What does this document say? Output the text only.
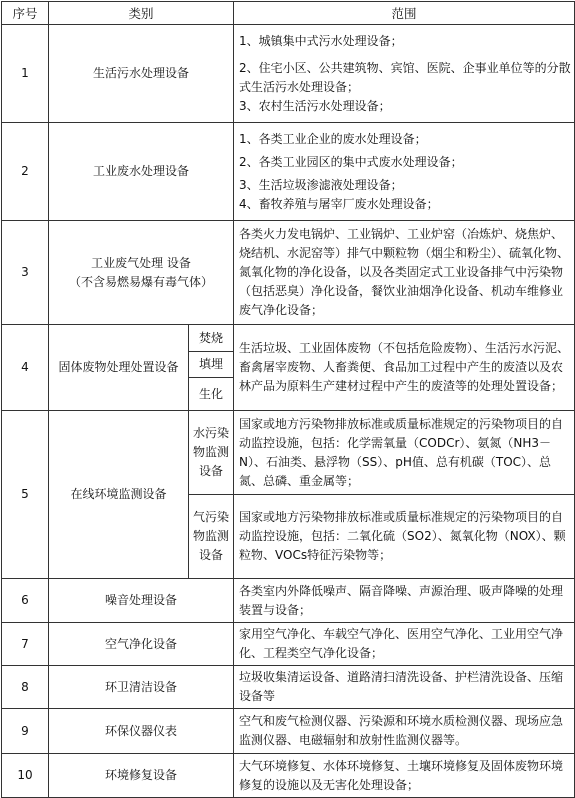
序号	类别		范围
1	生活污水处理设备		1、城镇集中式污水处理设备；
2、住宅小区、公共建筑物、宾馆、医院、企事业单位等的分散式生活污水处理设备；
3、农村生活污水处理设备；

2	工业废水处理设备		1、各类工业企业的废水处理设备；
2、各类工业园区的集中式废水处理设备；
3、生活垃圾渗滤液处理设备；
4、畜牧养殖与屠宰厂废水处理设备；

3	工业废气处理 设备
（不含易燃易爆有毒气体）		各类火力发电锅炉、工业锅炉、工业炉窑（冶炼炉、烧焦炉、烧结机、水泥窑等）排气中颗粒物（烟尘和粉尘）、硫氧化物、氮氧化物的净化设备，以及各类固定式工业设备排气中污染物（包括恶臭）净化设备，餐饮业油烟净化设备、机动车维修业废气净化设备；
4	固体废物处理处置设备	焚烧	生活垃圾、工业固体废物（不包括危险废物）、生活污水污泥、畜禽屠宰废物、人畜粪便、食品加工过程中产生的废渣以及农林产品为原料生产建材过程中产生的废渣等的处理处置设备；
		填埋	
		生化	
5	在线环境监测设备	水污染物监测设备	国家或地方污染物排放标准或质量标准规定的污染物项目的自动监控设施，包括：化学需氧量（CODCr）、氨氮（NH3－N）、石油类、悬浮物（SS）、pH值、总有机碳（TOC）、总氮、总磷、重金属等；
		气污染物监测设备	国家或地方污染物排放标准或质量标准规定的污染物项目的自动监控设施，包括：二氧化硫（SO2）、氮氧化物（NOX）、颗粒物、VOCs特征污染物等；
6	噪音处理设备		各类室内外降低噪声、隔音降噪、声源治理、吸声降噪的处理装置与设备；
7	空气净化设备		家用空气净化、车载空气净化、医用空气净化、工业用空气净化、工程类空气净化设备；
8	环卫清洁设备		垃圾收集清运设备、道路清扫清洗设备、护栏清洗设备、压缩设备等
9	环保仪器仪表		空气和废气检测仪器、污染源和环境水质检测仪器、现场应急监测仪器、电磁辐射和放射性监测仪器等。
10	环境修复设备		大气环境修复、水体环境修复、土壤环境修复及固体废物环境修复的设施以及无害化处理设备；
